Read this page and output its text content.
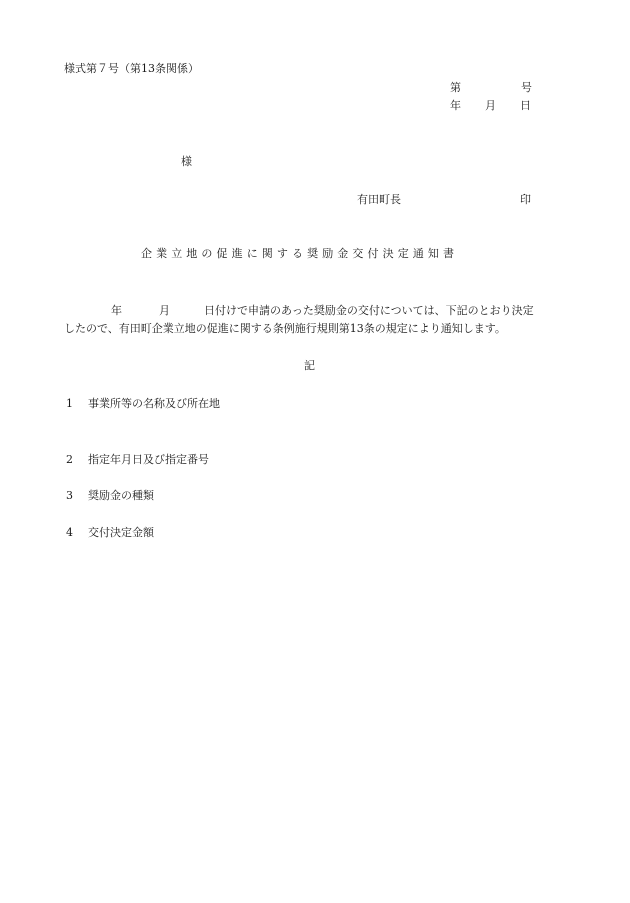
様式第７号（第13条関係）
第	号
年 月 日
様
有田町長	印
企業立地の促進に関する奨励金交付決定通知書
年	月	日付けで申請のあった奨励金の交付については、下記のとおり決定
したので、有田町企業立地の促進に関する条例施行規則第13条の規定により通知します。
記
1 事業所等の名称及び所在地
2 指定年月日及び指定番号
3 奨励金の種類
4 交付決定金額
